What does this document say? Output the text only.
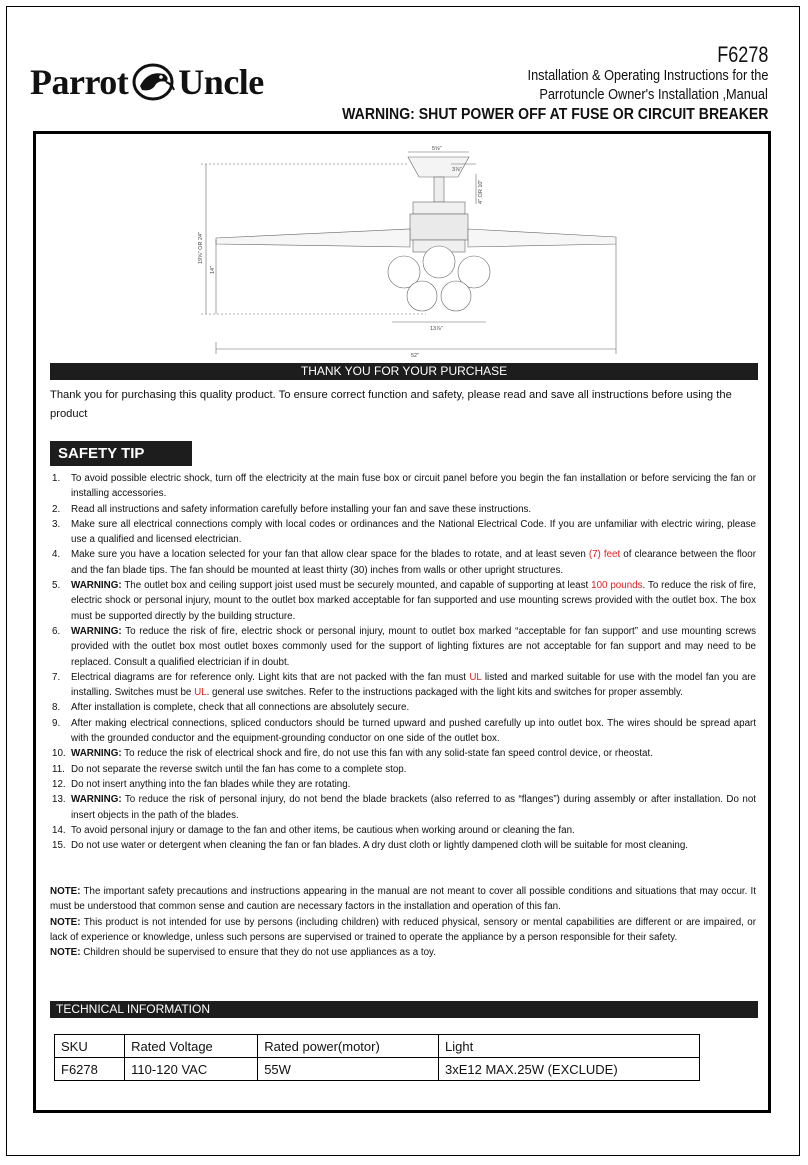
Parrot Uncle
F6278
Installation & Operating Instructions for the
Parrotuncle Owner's Installation ,Manual
WARNING: SHUT POWER OFF AT FUSE OR CIRCUIT BREAKER
5⅝"
3⅞"
4" OR 10"
19⅝" OR 24"
14"
13⅞"
52"
THANK YOU FOR YOUR PURCHASE
Thank you for purchasing this quality product. To ensure correct function and safety, please read and save all instructions before using the product
SAFETY TIP
1. To avoid possible electric shock, turn off the electricity at the main fuse box or circuit panel before you begin the fan installation or before servicing the fan or installing accessories.
2. Read all instructions and safety information carefully before installing your fan and save these instructions.
3. Make sure all electrical connections comply with local codes or ordinances and the National Electrical Code. If you are unfamiliar with electric wiring, please use a qualified and licensed electrician.
4. Make sure you have a location selected for your fan that allow clear space for the blades to rotate, and at least seven (7) feet of clearance between the floor and the fan blade tips. The fan should be mounted at least thirty (30) inches from walls or other upright structures.
5. WARNING: The outlet box and ceiling support joist used must be securely mounted, and capable of supporting at least 100 pounds. To reduce the risk of fire, electric shock or personal injury, mount to the outlet box marked acceptable for fan supported and use mounting screws provided with the outlet box. The box must be supported directly by the building structure.
6. WARNING: To reduce the risk of fire, electric shock or personal injury, mount to outlet box marked “acceptable for fan support” and use mounting screws provided with the outlet box most outlet boxes commonly used for the support of lighting fixtures are not acceptable for fan support and may need to be replaced. Consult a qualified electrician if in doubt.
7. Electrical diagrams are for reference only. Light kits that are not packed with the fan must UL listed and marked suitable for use with the model fan you are installing. Switches must be UL. general use switches. Refer to the instructions packaged with the light kits and switches for proper assembly.
8. After installation is complete, check that all connections are absolutely secure.
9. After making electrical connections, spliced conductors should be turned upward and pushed carefully up into outlet box. The wires should be spread apart with the grounded conductor and the equipment-grounding conductor on one side of the outlet box.
10. WARNING: To reduce the risk of electrical shock and fire, do not use this fan with any solid-state fan speed control device, or rheostat.
11. Do not separate the reverse switch until the fan has come to a complete stop.
12. Do not insert anything into the fan blades while they are rotating.
13. WARNING: To reduce the risk of personal injury, do not bend the blade brackets (also referred to as “flanges”) during assembly or after installation. Do not insert objects in the path of the blades.
14. To avoid personal injury or damage to the fan and other items, be cautious when working around or cleaning the fan.
15. Do not use water or detergent when cleaning the fan or fan blades. A dry dust cloth or lightly dampened cloth will be suitable for most cleaning.

NOTE: The important safety precautions and instructions appearing in the manual are not meant to cover all possible conditions and situations that may occur. It must be understood that common sense and caution are necessary factors in the installation and operation of this fan.

NOTE: This product is not intended for use by persons (including children) with reduced physical, sensory or mental capabilities are different or are impaired, or lack of experience or knowledge, unless such persons are supervised or trained to operate the appliance by a person responsible for their safety.

NOTE: Children should be supervised to ensure that they do not use appliances as a toy.

TECHNICAL INFORMATION
SKU	Rated Voltage	Rated power(motor)	Light
F6278	110-120 VAC	55W	3xE12 MAX.25W (EXCLUDE)
